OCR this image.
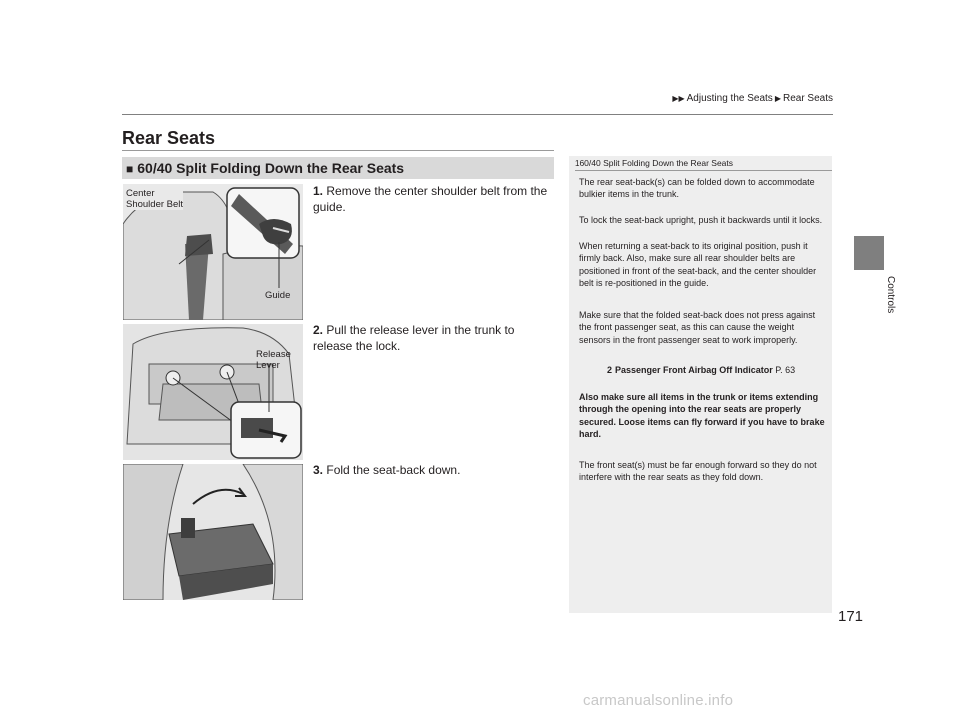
▶▶ Adjusting the Seats ▶ Rear Seats
Controls
Rear Seats
■ 60/40 Split Folding Down the Rear Seats
Center
Shoulder Belt
Guide
1. Remove the center shoulder belt from the guide.
Release
Lever
2. Pull the release lever in the trunk to release the lock.
3. Fold the seat-back down.
160/40 Split Folding Down the Rear Seats
The rear seat-back(s) can be folded down to accommodate bulkier items in the trunk.
To lock the seat-back upright, push it backwards until it locks.
When returning a seat-back to its original position, push it firmly back. Also, make sure all rear shoulder belts are positioned in front of the seat-back, and the center shoulder belt is re-positioned in the guide.
Make sure that the folded seat-back does not press against the front passenger seat, as this can cause the weight sensors in the front passenger seat to work improperly.
2 Passenger Front Airbag Off Indicator P. 63
Also make sure all items in the trunk or items extending through the opening into the rear seats are properly secured. Loose items can fly forward if you have to brake hard.
The front seat(s) must be far enough forward so they do not interfere with the rear seats as they fold down.
171
carmanualsonline.info
